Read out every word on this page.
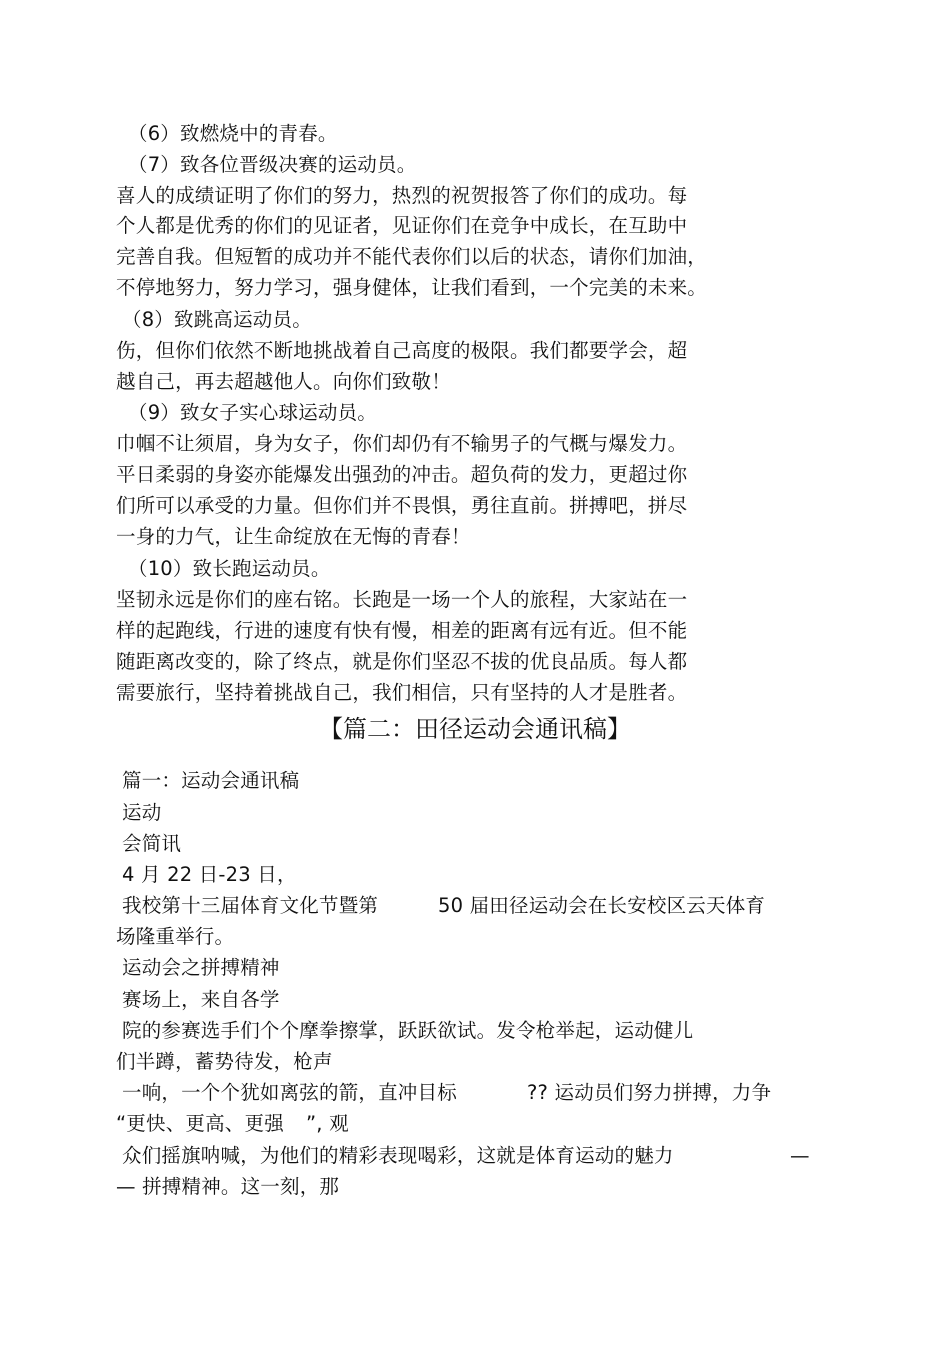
（6）致燃烧中的青春。
（7）致各位晋级决赛的运动员。
喜人的成绩证明了你们的努力，热烈的祝贺报答了你们的成功。每
个人都是优秀的你们的见证者，见证你们在竞争中成长，在互助中
完善自我。但短暂的成功并不能代表你们以后的状态，请你们加油，
不停地努力，努力学习，强身健体，让我们看到，一个完美的未来。
（8）致跳高运动员。
伤，但你们依然不断地挑战着自己高度的极限。我们都要学会，超
越自己，再去超越他人。向你们致敬！
（9）致女子实心球运动员。
巾帼不让须眉，身为女子，你们却仍有不输男子的气概与爆发力。
平日柔弱的身姿亦能爆发出强劲的冲击。超负荷的发力，更超过你
们所可以承受的力量。但你们并不畏惧，勇往直前。拼搏吧，拼尽
一身的力气，让生命绽放在无悔的青春！
（10）致长跑运动员。
坚韧永远是你们的座右铭。长跑是一场一个人的旅程，大家站在一
样的起跑线，行进的速度有快有慢，相差的距离有远有近。但不能
随距离改变的，除了终点，就是你们坚忍不拔的优良品质。每人都
需要旅行，坚持着挑战自己，我们相信，只有坚持的人才是胜者。
【篇二：田径运动会通讯稿】
篇一：运动会通讯稿
运动
会简讯
4 月 22 日-23 日，
我校第十三届体育文化节暨第	50 届田径运动会在长安校区云天体育
场隆重举行。
运动会之拼搏精神
赛场上，来自各学
院的参赛选手们个个摩拳擦掌，跃跃欲试。发令枪举起，运动健儿
们半蹲，蓄势待发，枪声
一响，一个个犹如离弦的箭，直冲目标	?? 运动员们努力拼搏，力争
“更快、更高、更强 ”, 观
众们摇旗呐喊，为他们的精彩表现喝彩，这就是体育运动的魅力	—
— 拼搏精神。这一刻，那
